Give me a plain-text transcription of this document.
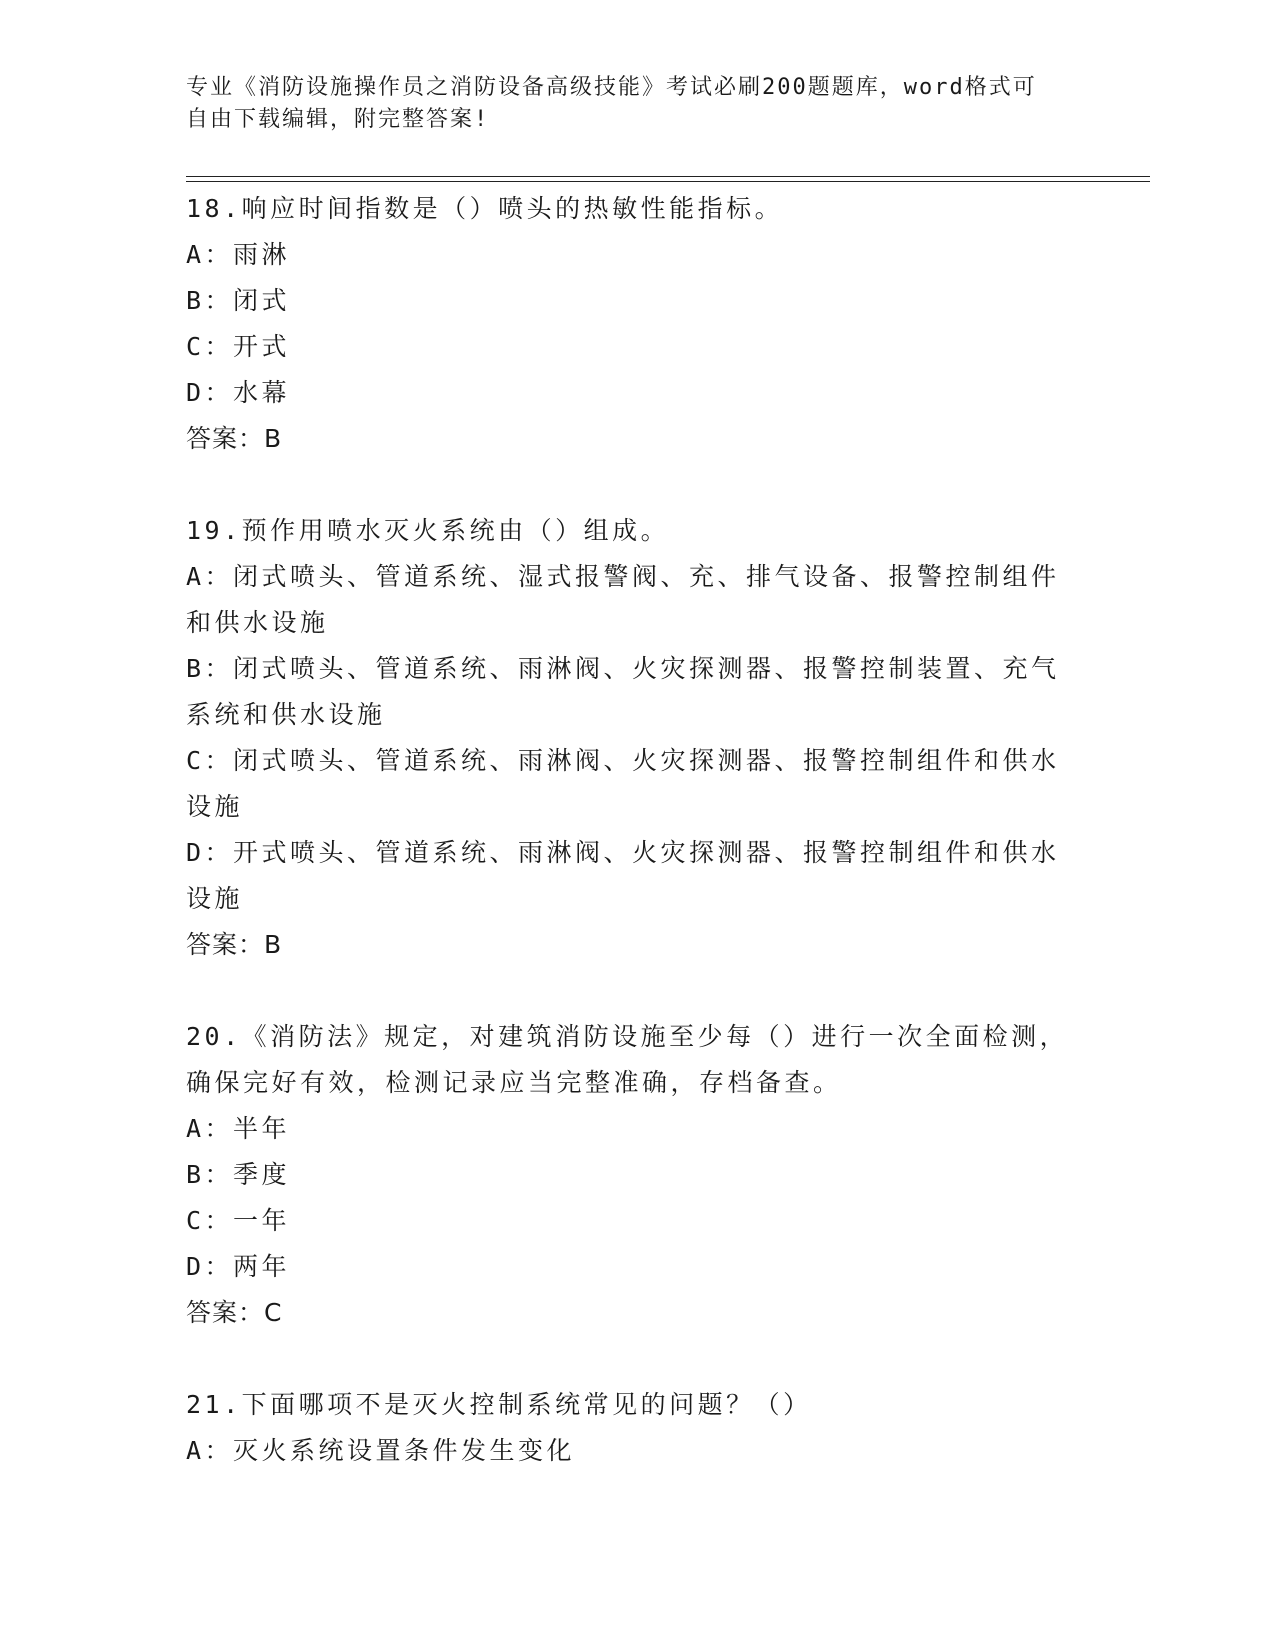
专业《消防设施操作员之消防设备高级技能》考试必刷200题题库，word格式可
自由下载编辑，附完整答案!
18.响应时间指数是（）喷头的热敏性能指标。
A：雨淋
B：闭式
C：开式
D：水幕
答案：B
19.预作用喷水灭火系统由（）组成。
A：闭式喷头、管道系统、湿式报警阀、充、排气设备、报警控制组件
和供水设施
B：闭式喷头、管道系统、雨淋阀、火灾探测器、报警控制装置、充气
系统和供水设施
C：闭式喷头、管道系统、雨淋阀、火灾探测器、报警控制组件和供水
设施
D：开式喷头、管道系统、雨淋阀、火灾探测器、报警控制组件和供水
设施
答案：B
20.《消防法》规定，对建筑消防设施至少每（）进行一次全面检测，
确保完好有效，检测记录应当完整准确，存档备查。
A：半年
B：季度
C：一年
D：两年
答案：C
21.下面哪项不是灭火控制系统常见的问题？（）
A：灭火系统设置条件发生变化
